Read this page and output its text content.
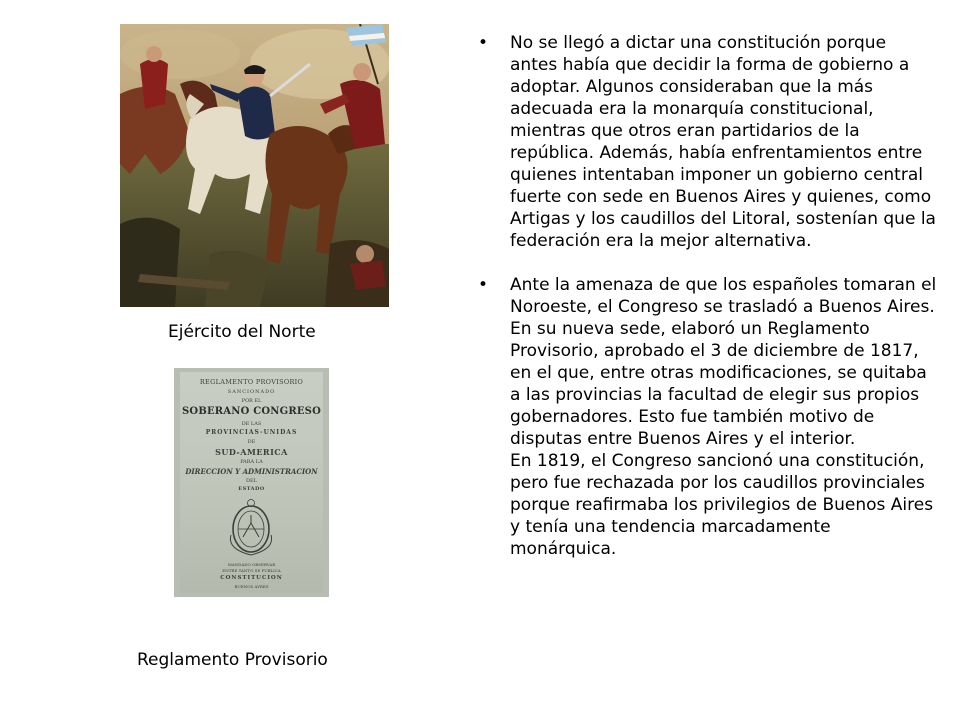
Ejército del Norte
REGLAMENTO PROVISORIO
SANCIONADO
POR EL
SOBERANO CONGRESO
DE LAS
PROVINCIAS-UNIDAS
DE
SUD-AMERICA
PARA LA
DIRECCION Y ADMINISTRACION
DEL
ESTADO
MANDADO OBSERVAR
ENTRE TANTO SE PUBLICA
CONSTITUCION
BUENOS AYRES
Reglamento Provisorio
•	No se llegó a dictar una constitución porque antes había que decidir la forma de gobierno a adoptar. Algunos consideraban que la más adecuada era la monarquía constitucional, mientras que otros eran partidarios de la república. Además, había enfrentamientos entre quienes intentaban imponer un gobierno central fuerte con sede en Buenos Aires y quienes, como Artigas y los caudillos del Litoral, sostenían que la federación era la mejor alternativa.

•	Ante la amenaza de que los españoles tomaran el Noroeste, el Congreso se trasladó a Buenos Aires.

En su nueva sede, elaboró un Reglamento Provisorio, aprobado el 3 de diciembre de 1817, en el que, entre otras modificaciones, se quitaba a las provincias la facultad de elegir sus propios gobernadores. Esto fue también motivo de disputas entre Buenos Aires y el interior.

En 1819, el Congreso sancionó una constitución, pero fue rechazada por los caudillos provinciales porque reafirmaba los privilegios de Buenos Aires y tenía una tendencia marcadamente monárquica.
